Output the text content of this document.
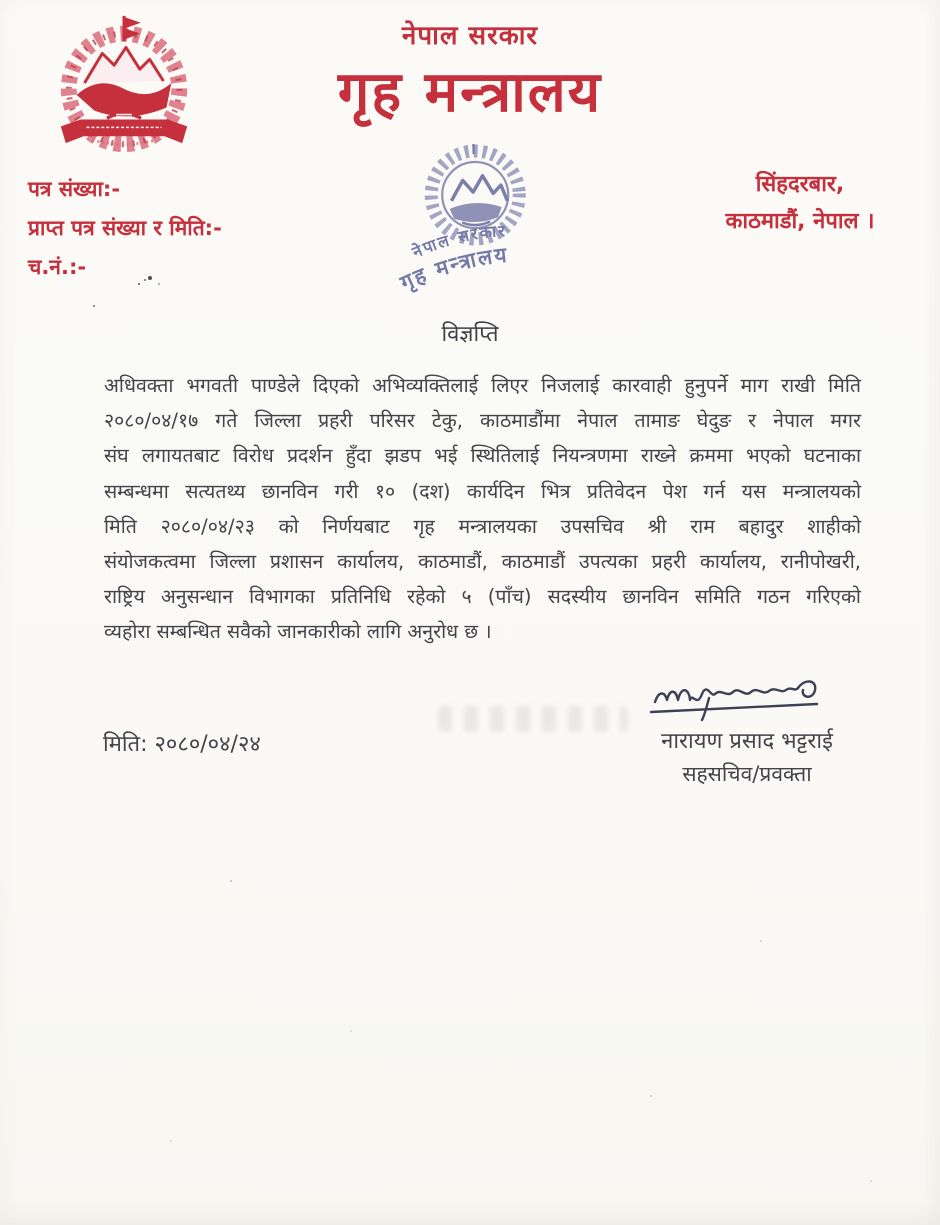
नेपाल सरकार
गृह मन्त्रालय
पत्र संख्या:-
प्राप्त पत्र संख्या र मिति:-
च.नं.:-
सिंहदरबार,
काठमाडौं, नेपाल ।
नेपाल सरकार
गृह मन्त्रालय
विज्ञप्ति
अधिवक्ता भगवती पाण्डेले दिएको अभिव्यक्तिलाई लिएर निजलाई कारवाही हुनुपर्ने माग राखी मिति
२०८०/०४/१७ गते जिल्ला प्रहरी परिसर टेकु, काठमाडौंमा नेपाल तामाङ घेदुङ र नेपाल मगर
संघ लगायतबाट विरोध प्रदर्शन हुँदा झडप भई स्थितिलाई नियन्त्रणमा राख्ने क्रममा भएको घटनाका
सम्बन्धमा सत्यतथ्य छानविन गरी १० (दश) कार्यदिन भित्र प्रतिवेदन पेश गर्न यस मन्त्रालयको
मिति २०८०/०४/२३ को निर्णयबाट गृह मन्त्रालयका उपसचिव श्री राम बहादुर शाहीको
संयोजकत्वमा जिल्ला प्रशासन कार्यालय, काठमाडौं, काठमाडौं उपत्यका प्रहरी कार्यालय, रानीपोखरी,
राष्ट्रिय अनुसन्धान विभागका प्रतिनिधि रहेको ५ (पाँच) सदस्यीय छानविन समिति गठन गरिएको
व्यहोरा सम्बन्धित सवैको जानकारीको लागि अनुरोध छ ।
मिति: २०८०/०४/२४	नारायण प्रसाद भट्टराई
सहसचिव/प्रवक्ता
